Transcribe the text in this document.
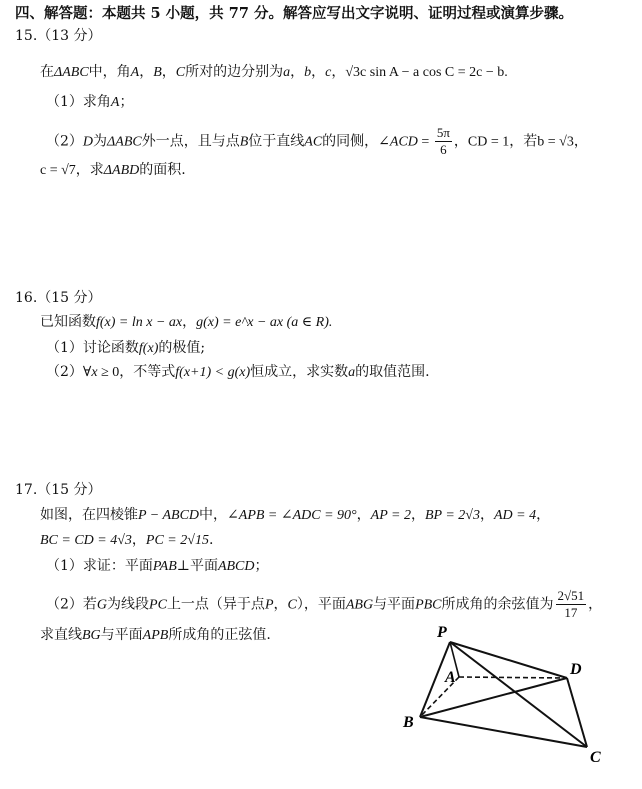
四、解答题：本题共 5 小题，共 77 分。解答应写出文字说明、证明过程或演算步骤。
15.（13 分）
在ΔABC中，角A，B，C所对的边分别为a，b，c，√3c sin A − a cos C = 2c − b.
（1）求角A；
（2）D为ΔABC外一点，且与点B位于直线AC的同侧，∠ACD = $\frac{5\pi}{6}$ ，CD = 1，若b = √3，
c = √7，求ΔABD的面积.
16.（15 分）
已知函数f(x) = ln x − ax，g(x) = e^x − ax (a ∈ R).
（1）讨论函数f(x)的极值;
（2）∀x ≥ 0，不等式f(x+1) < g(x)恒成立，求实数a的取值范围.
17.（15 分）
如图，在四棱锥P − ABCD中，∠APB = ∠ADC = 90°，AP = 2，BP = 2√3，AD = 4，
BC = CD = 4√3，PC = 2√15.
（1）求证：平面PAB⊥平面ABCD；
（2）若G为线段PC上一点（异于点P，C），平面ABG与平面PBC所成角的余弦值为 $\frac{2√51}{17}$ ，
求直线BG与平面APB所成角的正弦值.	P
A
B
C
D
